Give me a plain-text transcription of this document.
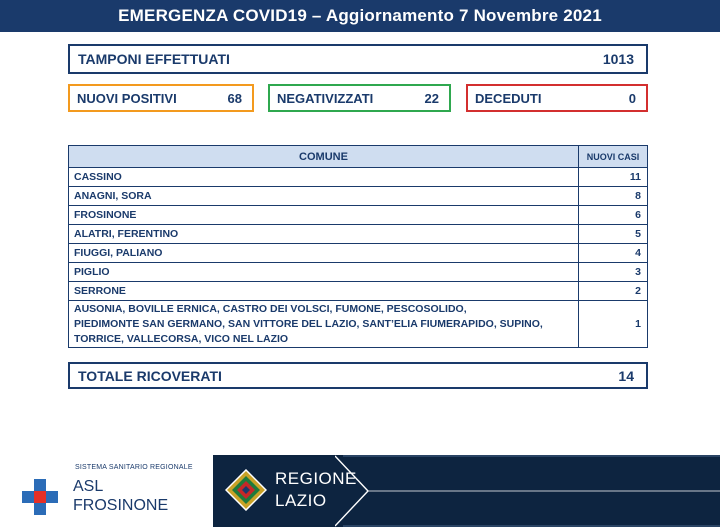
EMERGENZA COVID19 – Aggiornamento 7 Novembre 2021
TAMPONI EFFETTUATI	1013
NUOVI POSITIVI	68	NEGATIVIZZATI	22	DECEDUTI	0
COMUNE	NUOVI CASI
CASSINO	11
ANAGNI, SORA	8
FROSINONE	6
ALATRI, FERENTINO	5
FIUGGI, PALIANO	4
PIGLIO	3
SERRONE	2

AUSONIA, BOVILLE ERNICA, CASTRO DEI VOLSCI, FUMONE, PESCOSOLIDO,
PIEDIMONTE SAN GERMANO, SAN VITTORE DEL LAZIO, SANT’ELIA FIUMERAPIDO, SUPINO,
TORRICE, VALLECORSA, VICO NEL LAZIO	1
TOTALE RICOVERATI	14
SISTEMA SANITARIO REGIONALE
ASL
FROSINONE
REGIONE
LAZIO
